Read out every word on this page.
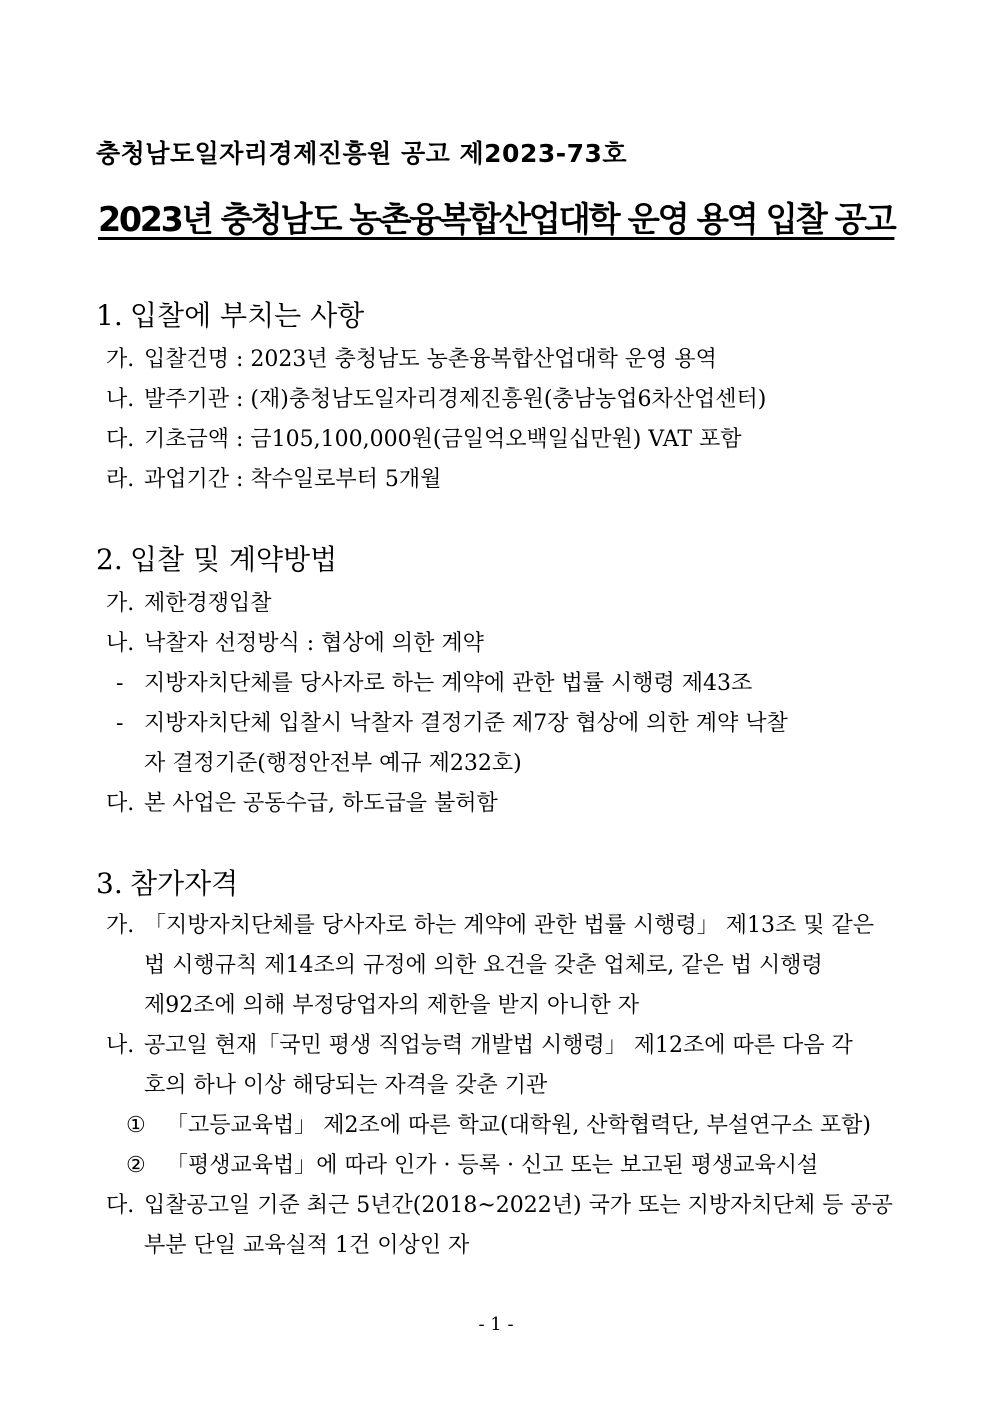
충청남도일자리경제진흥원 공고 제2023-73호
2023년 충청남도 농촌융복합산업대학 운영 용역 입찰 공고
1. 입찰에 부치는 사항
가. 입찰건명 : 2023년 충청남도 농촌융복합산업대학 운영 용역
나. 발주기관 : (재)충청남도일자리경제진흥원(충남농업6차산업센터)
다. 기초금액 : 금105,100,000원(금일억오백일십만원) VAT 포함
라. 과업기간 : 착수일로부터 5개월
2. 입찰 및 계약방법
가. 제한경쟁입찰
나. 낙찰자 선정방식 : 협상에 의한 계약
- 지방자치단체를 당사자로 하는 계약에 관한 법률 시행령 제43조
- 지방자치단체 입찰시 낙찰자 결정기준 제7장 협상에 의한 계약 낙찰
자 결정기준(행정안전부 예규 제232호)
다. 본 사업은 공동수급, 하도급을 불허함
3. 참가자격
가. 「지방자치단체를 당사자로 하는 계약에 관한 법률 시행령」 제13조 및 같은
법 시행규칙 제14조의 규정에 의한 요건을 갖춘 업체로, 같은 법 시행령
제92조에 의해 부정당업자의 제한을 받지 아니한 자
나. 공고일 현재「국민 평생 직업능력 개발법 시행령」 제12조에 따른 다음 각
호의 하나 이상 해당되는 자격을 갖춘 기관
① 「고등교육법」 제2조에 따른 학교(대학원, 산학협력단, 부설연구소 포함)
② 「평생교육법」에 따라 인가 · 등록 · 신고 또는 보고된 평생교육시설
다. 입찰공고일 기준 최근 5년간(2018~2022년) 국가 또는 지방자치단체 등 공공
부분 단일 교육실적 1건 이상인 자
- 1 -
